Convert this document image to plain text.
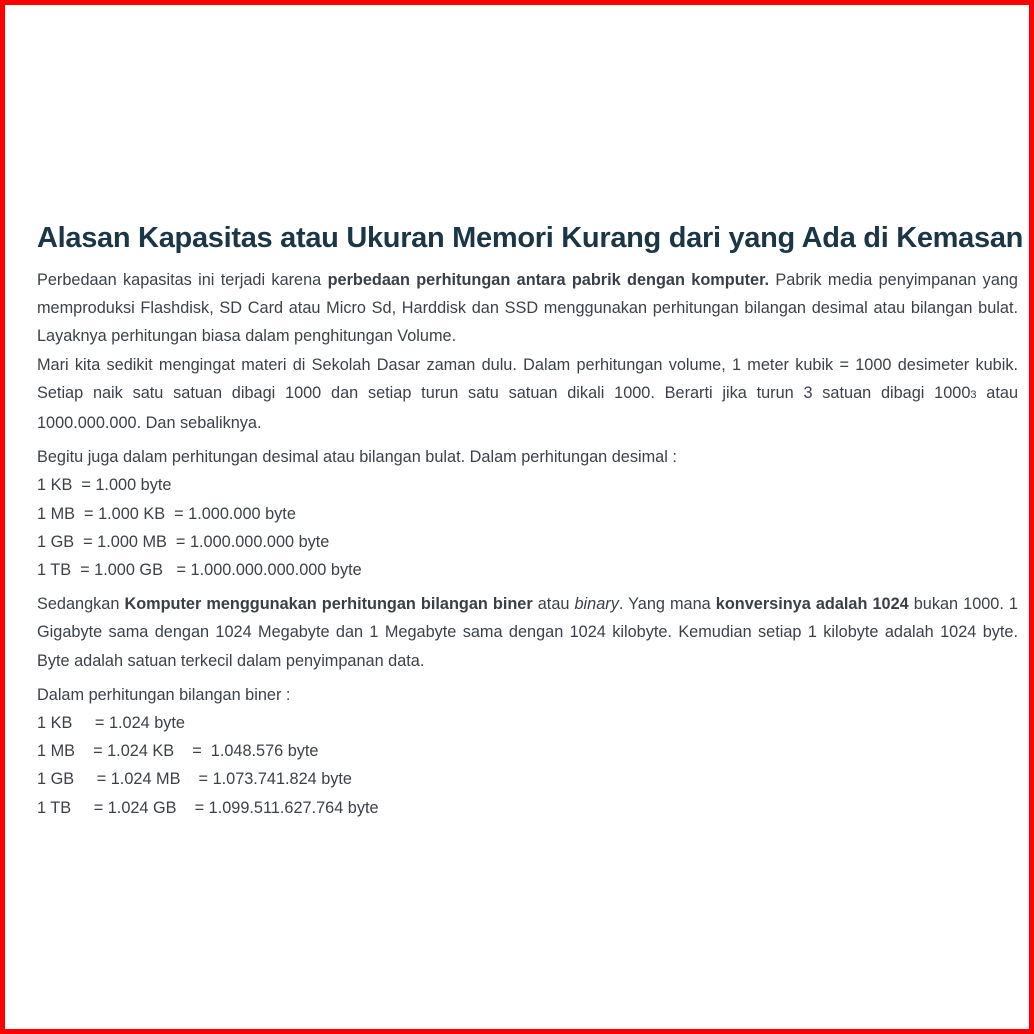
Alasan Kapasitas atau Ukuran Memori Kurang dari yang Ada di Kemasan

Perbedaan kapasitas ini terjadi karena perbedaan perhitungan antara pabrik dengan komputer. Pabrik media penyimpanan yang memproduksi Flashdisk, SD Card atau Micro Sd, Harddisk dan SSD menggunakan perhitungan bilangan desimal atau bilangan bulat. Layaknya perhitungan biasa dalam penghitungan Volume.

Mari kita sedikit mengingat materi di Sekolah Dasar zaman dulu. Dalam perhitungan volume, 1 meter kubik = 1000 desimeter kubik. Setiap naik satu satuan dibagi 1000 dan setiap turun satu satuan dikali 1000. Berarti jika turun 3 satuan dibagi 10003 atau 1000.000.000. Dan sebaliknya.

Begitu juga dalam perhitungan desimal atau bilangan bulat. Dalam perhitungan desimal :

1 KB  = 1.000 byte

1 MB  = 1.000 KB  = 1.000.000 byte

1 GB  = 1.000 MB  = 1.000.000.000 byte

1 TB  = 1.000 GB   = 1.000.000.000.000 byte

Sedangkan Komputer menggunakan perhitungan bilangan biner atau binary. Yang mana konversinya adalah 1024 bukan 1000. 1 Gigabyte sama dengan 1024 Megabyte dan 1 Megabyte sama dengan 1024 kilobyte. Kemudian setiap 1 kilobyte adalah 1024 byte. Byte adalah satuan terkecil dalam penyimpanan data.

Dalam perhitungan bilangan biner :

1 KB     = 1.024 byte

1 MB    = 1.024 KB    =  1.048.576 byte

1 GB     = 1.024 MB    = 1.073.741.824 byte

1 TB     = 1.024 GB    = 1.099.511.627.764 byte
